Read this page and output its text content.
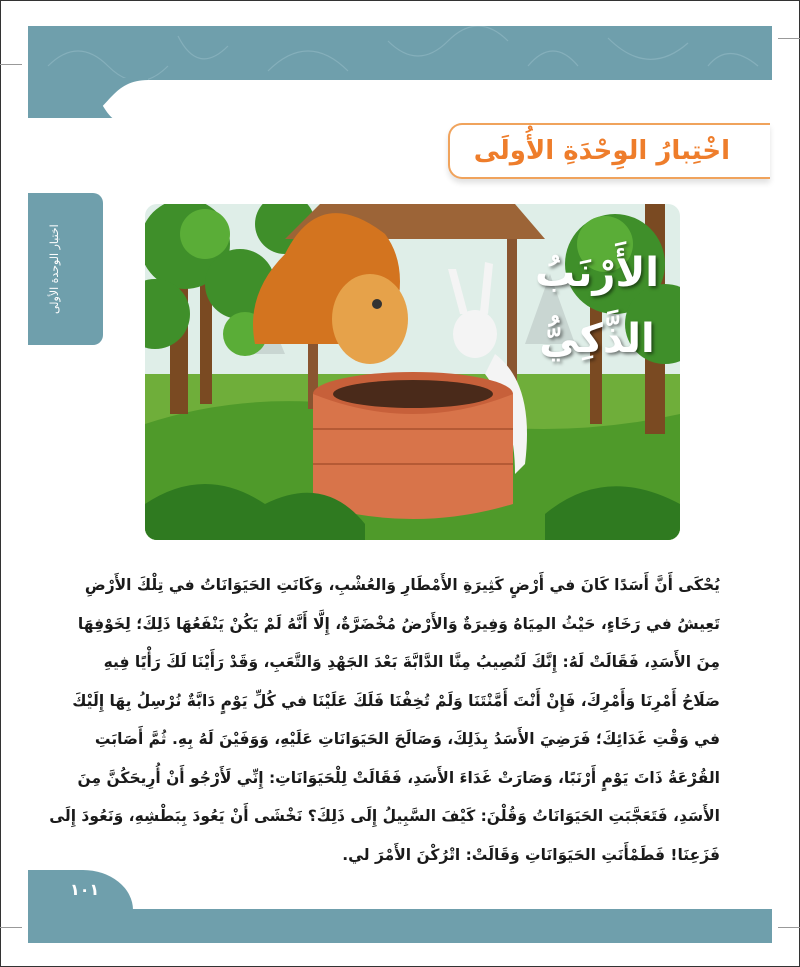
اخْتِبارُ الوِحْدَةِ الأُولَى
اختبار الوحدة الأولى	الأَرْنَبُ
الذَّكِيُّ

يُحْكَى أَنَّ أَسَدًا كَانَ في أَرْضٍ كَثِيرَةِ الأَمْطَارِ وَالعُشْبِ، وَكَانَتِ الحَيَوَانَاتُ في تِلْكَ الأَرْضِ

تَعِيشُ في رَخَاءٍ، حَيْثُ المِيَاهُ وَفِيرَةٌ وَالأَرْضُ مُخْضَرَّةٌ، إِلَّا أَنَّهُ لَمْ يَكُنْ يَنْفَعُهَا ذَلِكَ؛ لِخَوْفِهَا

مِنَ الأَسَدِ، فَقَالَتْ لَهُ: إِنَّكَ لَتُصِيبُ مِنَّا الدَّابَّةَ بَعْدَ الجَهْدِ وَالتَّعَبِ، وَقَدْ رَأَيْنَا لَكَ رَأْيًا فِيهِ

صَلَاحُ أَمْرِنَا وَأَمْرِكَ، فَإِنْ أَنْتَ أَمَّنْتَنَا وَلَمْ تُخِفْنَا فَلَكَ عَلَيْنَا في كُلِّ يَوْمٍ دَابَّةٌ نُرْسِلُ بِهَا إِلَيْكَ

في وَقْتِ غَدَائِكَ؛ فَرَضِيَ الأَسَدُ بِذَلِكَ، وَصَالَحَ الحَيَوَانَاتِ عَلَيْهِ، وَوَفَيْنَ لَهُ بِهِ. ثُمَّ أَصَابَتِ

القُرْعَةُ ذَاتَ يَوْمٍ أَرْنَبًا، وَصَارَتْ غَدَاءَ الأَسَدِ، فَقَالَتْ لِلْحَيَوَانَاتِ: إِنِّي لَأَرْجُو أَنْ أُرِيحَكُنَّ مِنَ

الأَسَدِ، فَتَعَجَّبَتِ الحَيَوَانَاتُ وَقُلْنَ: كَيْفَ السَّبِيلُ إِلَى ذَلِكَ؟ نَخْشَى أَنْ يَعُودَ بِبَطْشِهِ، وَنَعُودَ إِلَى

فَزَعِنَا! فَطَمْأَنَتِ الحَيَوَانَاتِ وَقَالَتْ: اتْرُكْنَ الأَمْرَ لي.

١٠١
